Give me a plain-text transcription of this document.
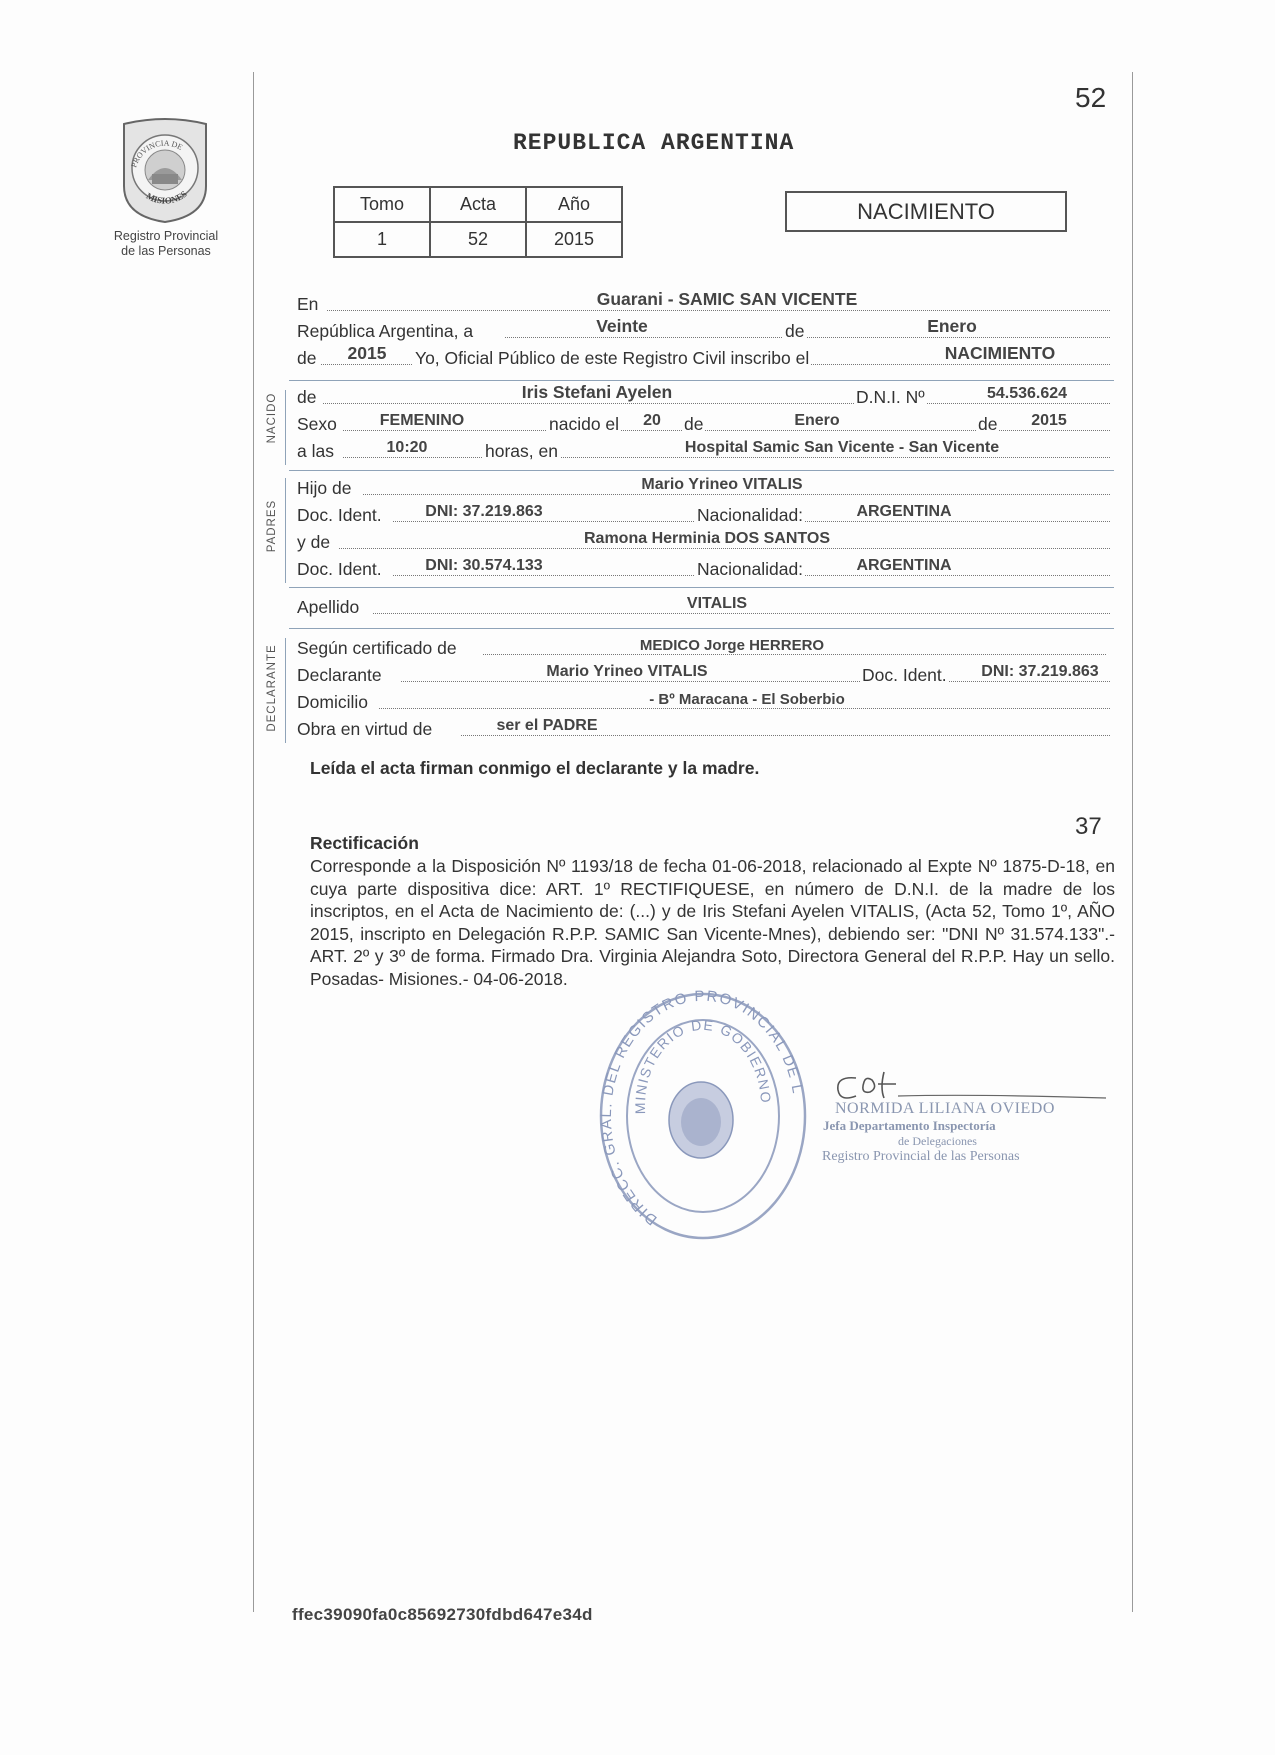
52
PROVINCIA DE
MISIONES
Registro Provincial
de las Personas
REPUBLICA ARGENTINA
Tomo	Acta	Año
1	52	2015
NACIMIENTO
En	Guarani - SAMIC SAN VICENTE
República Argentina, a	Veinte	de	Enero
de	2015	Yo, Oficial Público de este Registro Civil inscribo el	NACIMIENTO
NACIDO de	Iris Stefani Ayelen	D.N.I. Nº	54.536.624
Sexo	FEMENINO	nacido el	20	de	Enero	de	2015
a las	10:20	horas, en	Hospital Samic San Vicente - San Vicente
PADRES
Hijo de	Mario Yrineo VITALIS
Doc. Ident.	DNI: 37.219.863	Nacionalidad:	ARGENTINA
y de	Ramona Herminia DOS SANTOS
Doc. Ident.	DNI: 30.574.133	Nacionalidad:	ARGENTINA
Apellido	VITALIS
DECLARANTE Según certificado de	MEDICO Jorge HERRERO
Declarante	Mario Yrineo VITALIS	Doc. Ident.	DNI: 37.219.863
Domicilio	- Bº Maracana - El Soberbio
Obra en virtud de	ser el PADRE
Leída el acta firman conmigo el declarante y la madre.
37
Rectificación
Corresponde a la Disposición Nº 1193/18 de fecha 01-06-2018, relacionado al Expte Nº 1875-D-18, en cuya parte dispositiva dice: ART. 1º RECTIFIQUESE, en número de D.N.I. de la madre de los inscriptos, en el Acta de Nacimiento de: (...) y de Iris Stefani Ayelen VITALIS, (Acta 52, Tomo 1º, AÑO 2015, inscripto en Delegación R.P.P. SAMIC San Vicente-Mnes), debiendo ser: "DNI Nº 31.574.133".- ART. 2º y 3º de forma. Firmado Dra. Virginia Alejandra Soto, Directora General del R.P.P. Hay un sello. Posadas- Misiones.- 04-06-2018.
DIRECC. GRAL. DEL REGISTRO PROVINCIAL DE L
MINISTERIO DE GOBIERNO
NORMIDA LILIANA OVIEDO
Jefa Departamento Inspectoría
de Delegaciones
Registro Provincial de las Personas
ffec39090fa0c85692730fdbd647e34d
